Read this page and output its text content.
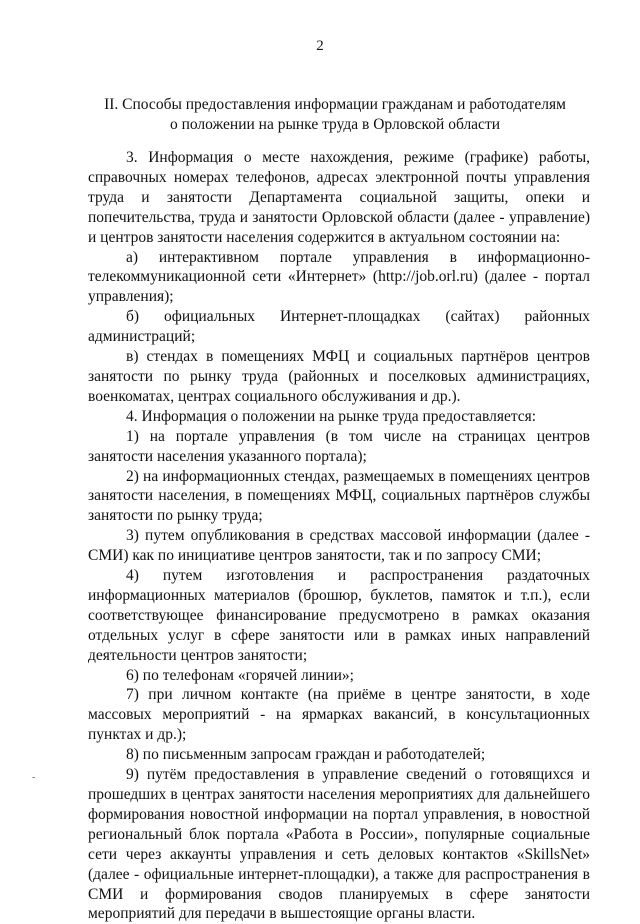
2
II. Способы предоставления информации гражданам и работодателям
о положении на рынке труда в Орловской области

3. Информация о месте нахождения, режиме (графике) работы, справочных номерах телефонов, адресах электронной почты управления труда и занятости Департамента социальной защиты, опеки и попечительства, труда и занятости Орловской области (далее - управление) и центров занятости населения содержится в актуальном состоянии на:

а) интерактивном портале управления в информационно-телекоммуникационной сети «Интернет» (http://job.orl.ru) (далее - портал управления);

б) официальных Интернет-площадках (сайтах) районных администраций;

в) стендах в помещениях МФЦ и социальных партнёров центров занятости по рынку труда (районных и поселковых администрациях, военкоматах, центрах социального обслуживания и др.).

4. Информация о положении на рынке труда предоставляется:

1) на портале управления (в том числе на страницах центров занятости населения указанного портала);

2) на информационных стендах, размещаемых в помещениях центров занятости населения, в помещениях МФЦ, социальных партнёров службы занятости по рынку труда;

3) путем опубликования в средствах массовой информации (далее - СМИ) как по инициативе центров занятости, так и по запросу СМИ;

4) путем изготовления и распространения раздаточных информационных материалов (брошюр, буклетов, памяток и т.п.), если соответствующее финансирование предусмотрено в рамках оказания отдельных услуг в сфере занятости или в рамках иных направлений деятельности центров занятости;

6) по телефонам «горячей линии»;

7) при личном контакте (на приёме в центре занятости, в ходе массовых мероприятий - на ярмарках вакансий, в консультационных пунктах и др.);

8) по письменным запросам граждан и работодателей;

9) путём предоставления в управление сведений о готовящихся и прошедших в центрах занятости населения мероприятиях для дальнейшего формирования новостной информации на портал управления, в новостной региональный блок портала «Работа в России», популярные социальные сети через аккаунты управления и сеть деловых контактов «SkillsNet» (далее - официальные интернет-площадки), а также для распространения в СМИ и формирования сводов планируемых в сфере занятости мероприятий для передачи в вышестоящие органы власти.

-
